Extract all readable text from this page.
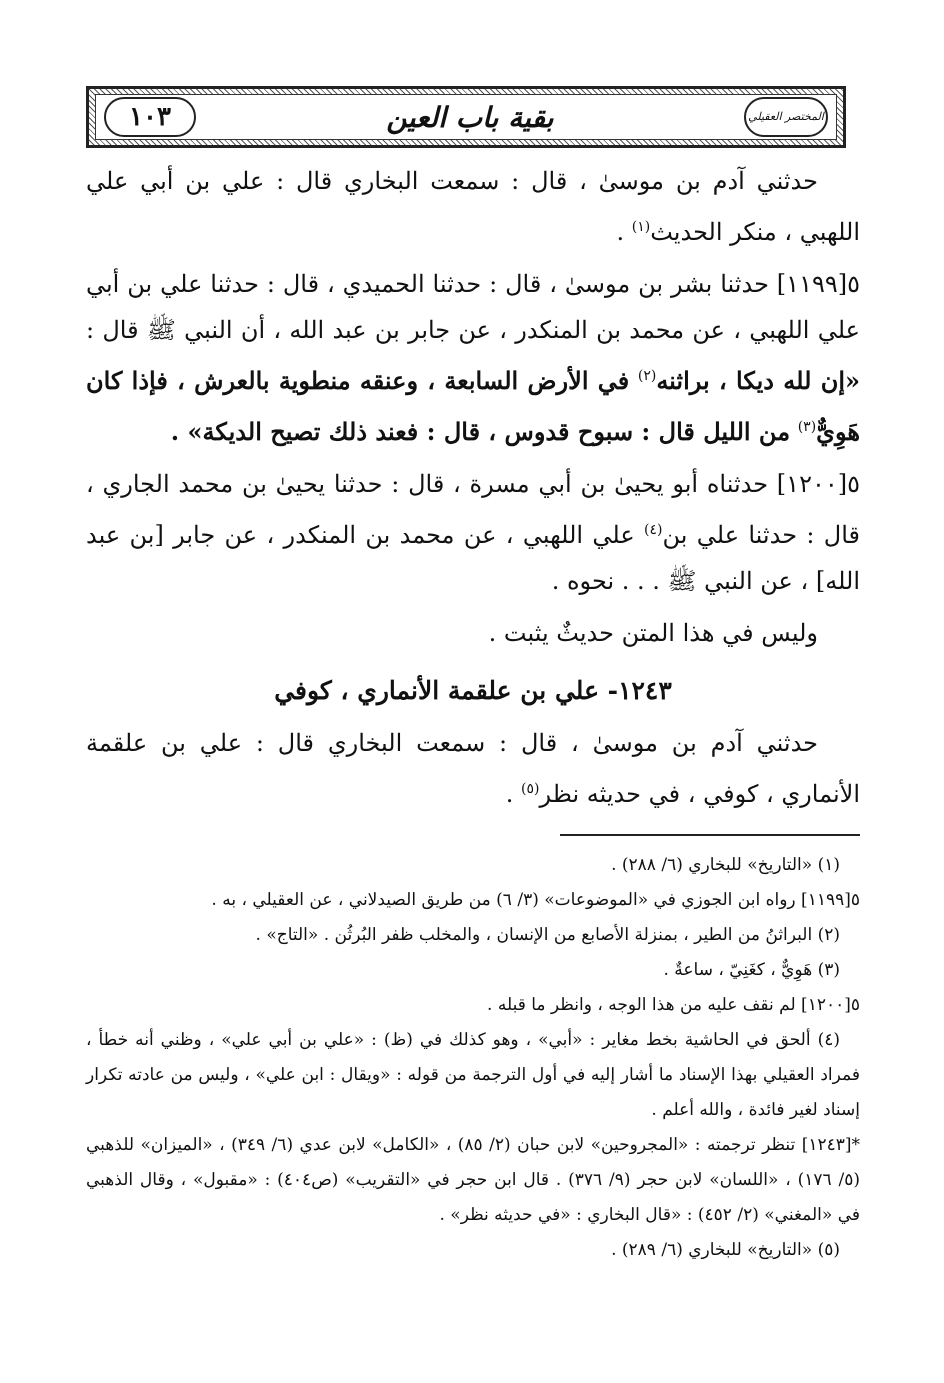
المختصر العقيلي
بقية باب العين
١٠٣

حدثني آدم بن موسىٰ ، قال : سمعت البخاري قال : علي بن أبي علي اللهبي ، منكر الحديث$^{(١)}$ .

٥[١١٩٩] حدثنا بشر بن موسىٰ ، قال : حدثنا الحميدي ، قال : حدثنا علي بن أبي علي اللهبي ، عن محمد بن المنكدر ، عن جابر بن عبد الله ، أن النبي ﷺ قال : «إن لله ديكا ، براثنه$^{(٢)}$ في الأرض السابعة ، وعنقه منطوية بالعرش ، فإذا كان هَوِيٌّ$^{(٣)}$ من الليل قال : سبوح قدوس ، قال : فعند ذلك تصيح الديكة» .

٥[١٢٠٠] حدثناه أبو يحيىٰ بن أبي مسرة ، قال : حدثنا يحيىٰ بن محمد الجاري ، قال : حدثنا علي بن$^{(٤)}$ علي اللهبي ، عن محمد بن المنكدر ، عن جابر [بن عبد الله] ، عن النبي ﷺ . . . نحوه .

وليس في هذا المتن حديثٌ يثبت .

١٢٤٣- علي بن علقمة الأنماري ، كوفي

حدثني آدم بن موسىٰ ، قال : سمعت البخاري قال : علي بن علقمة الأنماري ، كوفي ، في حديثه نظر$^{(٥)}$ .

(١) «التاريخ» للبخاري (٦/ ٢٨٨) .

٥[١١٩٩] رواه ابن الجوزي في «الموضوعات» (٣/ ٦) من طريق الصيدلاني ، عن العقيلي ، به .

(٢) البراثنُ من الطير ، بمنزلة الأصابع من الإنسان ، والمخلب ظفر البُرثُن . «التاج» .

(٣) هَوِيٌّ ، كغَنِيّ ، ساعةٌ .

٥[١٢٠٠] لم نقف عليه من هذا الوجه ، وانظر ما قبله .

(٤) ألحق في الحاشية بخط مغاير : «أبي» ، وهو كذلك في (ظ) : «علي بن أبي علي» ، وظني أنه خطأ ، فمراد العقيلي بهذا الإسناد ما أشار إليه في أول الترجمة من قوله : «ويقال : ابن علي» ، وليس من عادته تكرار إسناد لغير فائدة ، والله أعلم .

*[١٢٤٣] تنظر ترجمته : «المجروحين» لابن حبان (٢/ ٨٥) ، «الكامل» لابن عدي (٦/ ٣٤٩) ، «الميزان» للذهبي (٥/ ١٧٦) ، «اللسان» لابن حجر (٩/ ٣٧٦) . قال ابن حجر في «التقريب» (ص٤٠٤) : «مقبول» ، وقال الذهبي في «المغني» (٢/ ٤٥٢) : «قال البخاري : «في حديثه نظر» .

(٥) «التاريخ» للبخاري (٦/ ٢٨٩) .
